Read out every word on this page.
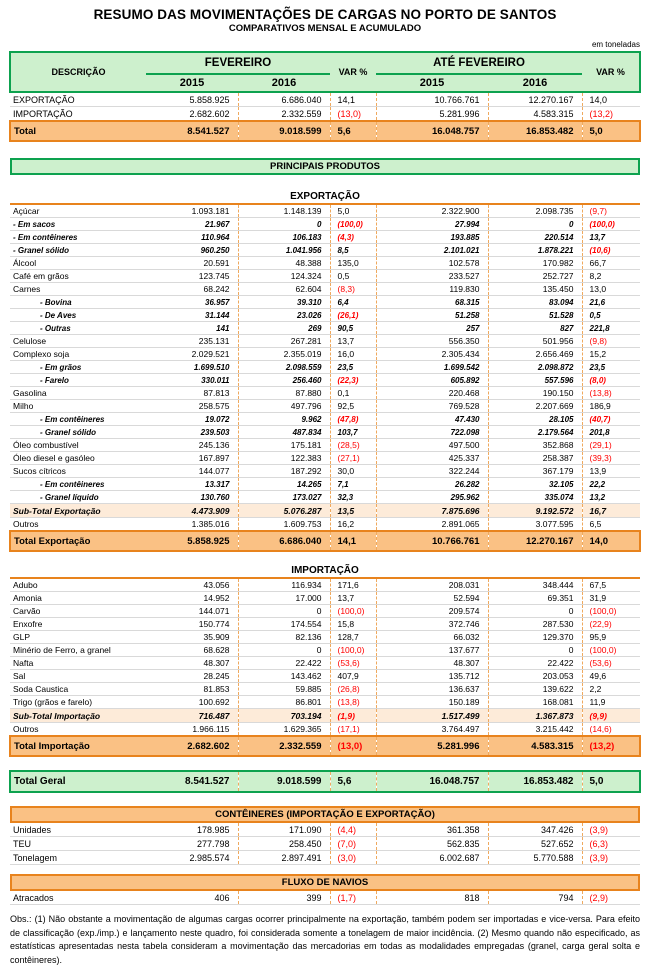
RESUMO DAS MOVIMENTAÇÕES DE CARGAS NO PORTO DE SANTOS
COMPARATIVOS MENSAL E ACUMULADO
em toneladas
DESCRIÇÃO	FEVEREIRO		VAR %	ATÉ FEVEREIRO		VAR %
	2015	2016		2015	2016	
EXPORTAÇÃO	5.858.925	6.686.040	14,1	10.766.761	12.270.167	14,0
IMPORTAÇÃO	2.682.602	2.332.559	(13,0)	5.281.996	4.583.315	(13,2)
Total	8.541.527	9.018.599	5,6	16.048.757	16.853.482	5,0
PRINCIPAIS PRODUTOS
EXPORTAÇÃO
Açúcar	1.093.181	1.148.139	5,0	2.322.900	2.098.735	(9,7)
- Em sacos	21.967	0	(100,0)	27.994	0	(100,0)
- Em contêineres	110.964	106.183	(4,3)	193.885	220.514	13,7
- Granel sólido	960.250	1.041.956	8,5	2.101.021	1.878.221	(10,6)
Álcool	20.591	48.388	135,0	102.578	170.982	66,7
Café em grãos	123.745	124.324	0,5	233.527	252.727	8,2
Carnes	68.242	62.604	(8,3)	119.830	135.450	13,0
- Bovina	36.957	39.310	6,4	68.315	83.094	21,6
- De Aves	31.144	23.026	(26,1)	51.258	51.528	0,5
- Outras	141	269	90,5	257	827	221,8
Celulose	235.131	267.281	13,7	556.350	501.956	(9,8)
Complexo soja	2.029.521	2.355.019	16,0	2.305.434	2.656.469	15,2
- Em grãos	1.699.510	2.098.559	23,5	1.699.542	2.098.872	23,5
- Farelo	330.011	256.460	(22,3)	605.892	557.596	(8,0)
Gasolina	87.813	87.880	0,1	220.468	190.150	(13,8)
Milho	258.575	497.796	92,5	769.528	2.207.669	186,9
- Em contêineres	19.072	9.962	(47,8)	47.430	28.105	(40,7)
- Granel sólido	239.503	487.834	103,7	722.098	2.179.564	201,8
Óleo combustível	245.136	175.181	(28,5)	497.500	352.868	(29,1)
Óleo diesel e gasóleo	167.897	122.383	(27,1)	425.337	258.387	(39,3)
Sucos cítricos	144.077	187.292	30,0	322.244	367.179	13,9
- Em contêineres	13.317	14.265	7,1	26.282	32.105	22,2
- Granel líquido	130.760	173.027	32,3	295.962	335.074	13,2
Sub-Total Exportação	4.473.909	5.076.287	13,5	7.875.696	9.192.572	16,7
Outros	1.385.016	1.609.753	16,2	2.891.065	3.077.595	6,5
Total Exportação	5.858.925	6.686.040	14,1	10.766.761	12.270.167	14,0
IMPORTAÇÃO
Adubo	43.056	116.934	171,6	208.031	348.444	67,5
Amonia	14.952	17.000	13,7	52.594	69.351	31,9
Carvão	144.071	0	(100,0)	209.574	0	(100,0)
Enxofre	150.774	174.554	15,8	372.746	287.530	(22,9)
GLP	35.909	82.136	128,7	66.032	129.370	95,9
Minério de Ferro, a granel	68.628	0	(100,0)	137.677	0	(100,0)
Nafta	48.307	22.422	(53,6)	48.307	22.422	(53,6)
Sal	28.245	143.462	407,9	135.712	203.053	49,6
Soda Caustica	81.853	59.885	(26,8)	136.637	139.622	2,2
Trigo (grãos e farelo)	100.692	86.801	(13,8)	150.189	168.081	11,9
Sub-Total Importação	716.487	703.194	(1,9)	1.517.499	1.367.873	(9,9)
Outros	1.966.115	1.629.365	(17,1)	3.764.497	3.215.442	(14,6)
Total Importação	2.682.602	2.332.559	(13,0)	5.281.996	4.583.315	(13,2)
Total Geral	8.541.527	9.018.599	5,6	16.048.757	16.853.482	5,0
CONTÊINERES (IMPORTAÇÃO E EXPORTAÇÃO)
Unidades	178.985	171.090	(4,4)	361.358	347.426	(3,9)
TEU	277.798	258.450	(7,0)	562.835	527.652	(6,3)
Tonelagem	2.985.574	2.897.491	(3,0)	6.002.687	5.770.588	(3,9)
FLUXO DE NAVIOS
Atracados	406	399	(1,7)	818	794	(2,9)

Obs.: (1) Não obstante a movimentação de algumas cargas ocorrer principalmente na exportação, também podem ser importadas e vice-versa. Para efeito de classificação (exp./imp.) e lançamento neste quadro, foi considerada somente a tonelagem de maior incidência. (2) Mesmo quando não especificado, as estatísticas apresentadas nesta tabela consideram a movimentação das mercadorias em todas as modalidades empregadas (granel, carga geral solta e contêineres).
